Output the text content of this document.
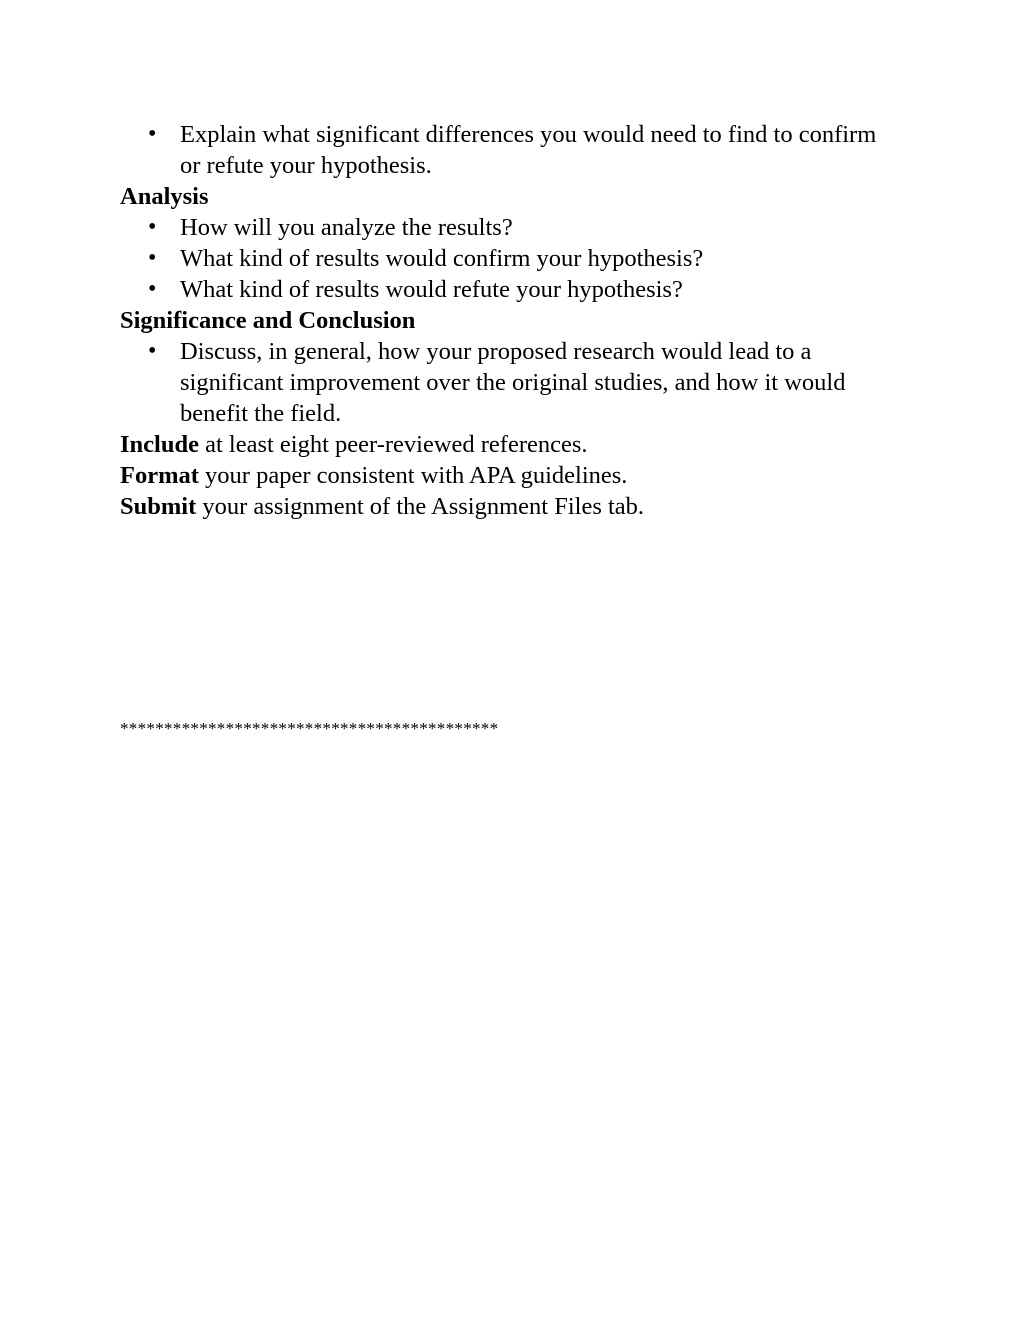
• Explain what significant differences you would need to find to confirm or refute your hypothesis.
Analysis
• How will you analyze the results?
• What kind of results would confirm your hypothesis?
• What kind of results would refute your hypothesis?
Significance and Conclusion
• Discuss, in general, how your proposed research would lead to a significant improvement over the original studies, and how it would benefit the field.
Include at least eight peer-reviewed references.
Format your paper consistent with APA guidelines.
Submit your assignment of the Assignment Files tab.
*******************************************
